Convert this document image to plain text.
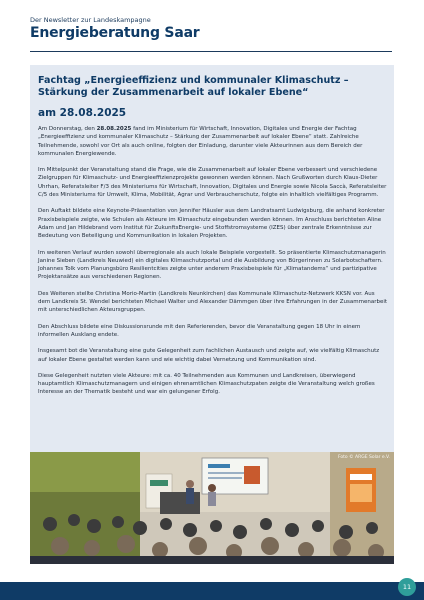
Der Newsletter zur Landeskampagne

Energieberatung Saar

Fachtag „Energieeffizienz und kommunaler Klimaschutz – Stärkung der Zusammenarbeit auf lokaler Ebene“
am 28.08.2025

Am Donnerstag, den 28.08.2025 fand im Ministerium für Wirtschaft, Innovation, Digitales und Energie der Fachtag „Energieeffizienz und kommunaler Klimaschutz – Stärkung der Zusammenarbeit auf lokaler Ebene“ statt. Zahlreiche Teilnehmende, sowohl vor Ort als auch online, folgten der Einladung, darunter viele Akteurinnen aus dem Bereich der kommunalen Energiewende.

Im Mittelpunkt der Veranstaltung stand die Frage, wie die Zusammenarbeit auf lokaler Ebene verbessert und verschiedene Zielgruppen für Klimaschutz- und Energieeffizienzprojekte gewonnen werden können. Nach Grußworten durch Klaus-Dieter Uhrhan, Referatsleiter F/3 des Ministeriums für Wirtschaft, Innovation, Digitales und Energie sowie Nicola Saccà, Referatsleiter C/5 des Ministeriums für Umwelt, Klima, Mobilität, Agrar und Verbraucherschutz, folgte ein inhaltlich vielfältiges Programm.

Den Auftakt bildete eine Keynote-Präsentation von Jennifer Häusler aus dem Landratsamt Ludwigsburg, die anhand konkreter Praxisbeispiele zeigte, wie Schulen als Akteure im Klimaschutz eingebunden werden können. Im Anschluss berichteten Aline Adam und Jan Hildebrand vom Institut für ZukunftsEnergie- und Stoffstromsysteme (IZES) über zentrale Erkenntnisse zur Bedeutung von Beteiligung und Kommunikation in lokalen Projekten.

Im weiteren Verlauf wurden sowohl überregionale als auch lokale Beispiele vorgestellt. So präsentierte Klimaschutzmanagerin Janine Sieben (Landkreis Neuwied) ein digitales Klimaschutzportal und die Ausbildung von Bürgerinnen zu Solarbotschaftern. Johannes Tolk vom Planungsbüro Resilientcities zeigte unter anderem Praxisbeispiele für „Klimatandems“ und partizipative Projektansätze aus verschiedenen Regionen.

Des Weiteren stellte Christina Morio-Martin (Landkreis Neunkirchen) das Kommunale Klimaschutz-Netzwerk KKSN vor. Aus dem Landkreis St. Wendel berichteten Michael Walter und Alexander Dämmgen über ihre Erfahrungen in der Zusammenarbeit mit unterschiedlichen Akteursgruppen.

Den Abschluss bildete eine Diskussionsrunde mit den Referierenden, bevor die Veranstaltung gegen 18 Uhr in einem informellen Ausklang endete.

Insgesamt bot die Veranstaltung eine gute Gelegenheit zum fachlichen Austausch und zeigte auf, wie vielfältig Klimaschutz auf lokaler Ebene gestaltet werden kann und wie wichtig dabei Vernetzung und Kommunikation sind.

Diese Gelegenheit nutzten viele Akteure: mit ca. 40 Teilnehmenden aus Kommunen und Landkreisen, überwiegend hauptamtlich Klimaschutzmanagern und einigen ehrenamtlichen Klimaschutzpaten zeigte die Veranstaltung welch großes Interesse an der Thematik besteht und war ein gelungener Erfolg.

Foto © ARGE Solar e.V.
11
